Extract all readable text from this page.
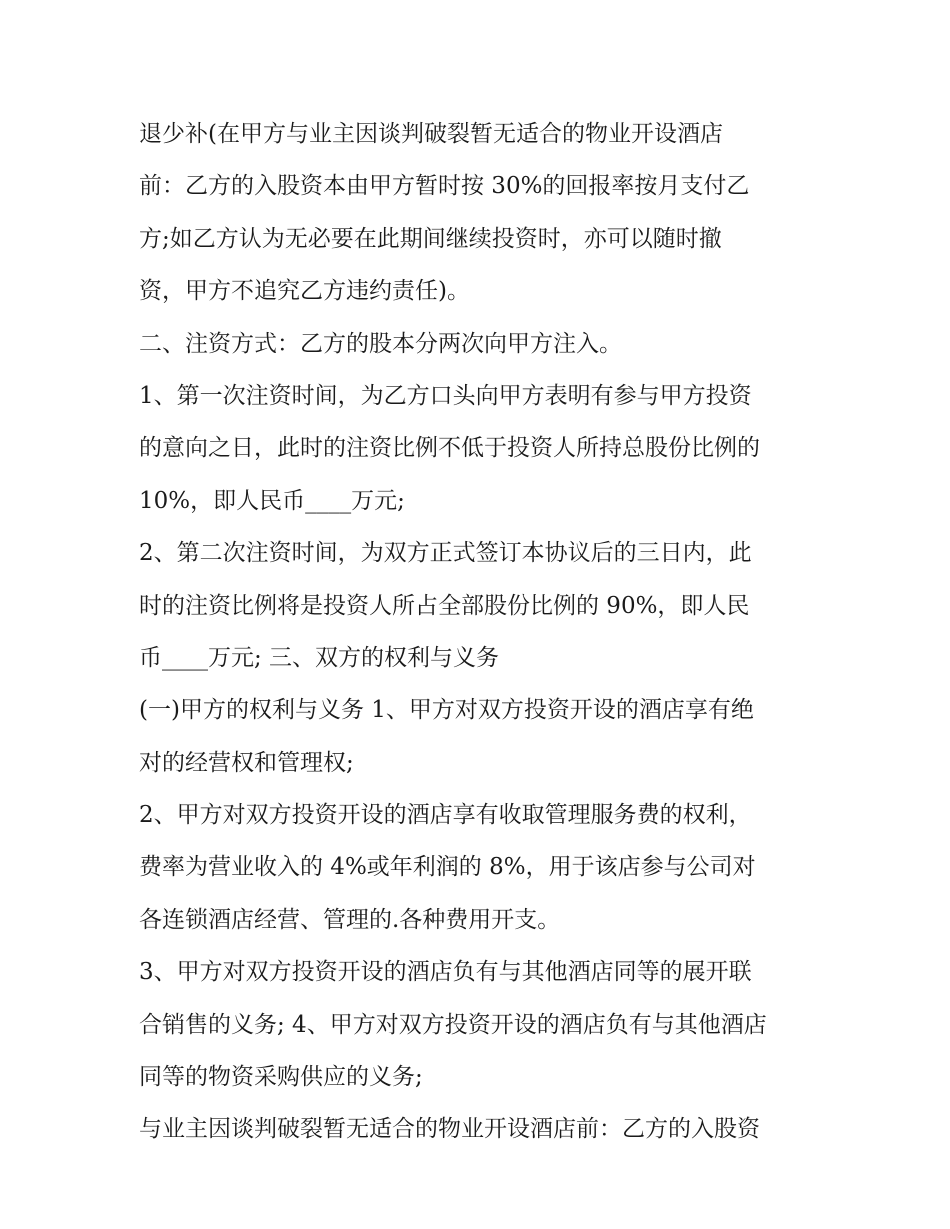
退少补(在甲方与业主因谈判破裂暂无适合的物业开设酒店
前：乙方的入股资本由甲方暂时按 30%的回报率按月支付乙
方;如乙方认为无必要在此期间继续投资时，亦可以随时撤
资，甲方不追究乙方违约责任)。
二、注资方式：乙方的股本分两次向甲方注入。
1、第一次注资时间，为乙方口头向甲方表明有参与甲方投资
的意向之日，此时的注资比例不低于投资人所持总股份比例的
10%，即人民币____万元;
2、第二次注资时间，为双方正式签订本协议后的三日内，此
时的注资比例将是投资人所占全部股份比例的 90%，即人民
币____万元; 三、双方的权利与义务
(一)甲方的权利与义务 1、甲方对双方投资开设的酒店享有绝
对的经营权和管理权;
2、甲方对双方投资开设的酒店享有收取管理服务费的权利，
费率为营业收入的 4%或年利润的 8%，用于该店参与公司对
各连锁酒店经营、管理的.各种费用开支。
3、甲方对双方投资开设的酒店负有与其他酒店同等的展开联
合销售的义务; 4、甲方对双方投资开设的酒店负有与其他酒店
同等的物资采购供应的义务;
与业主因谈判破裂暂无适合的物业开设酒店前：乙方的入股资
